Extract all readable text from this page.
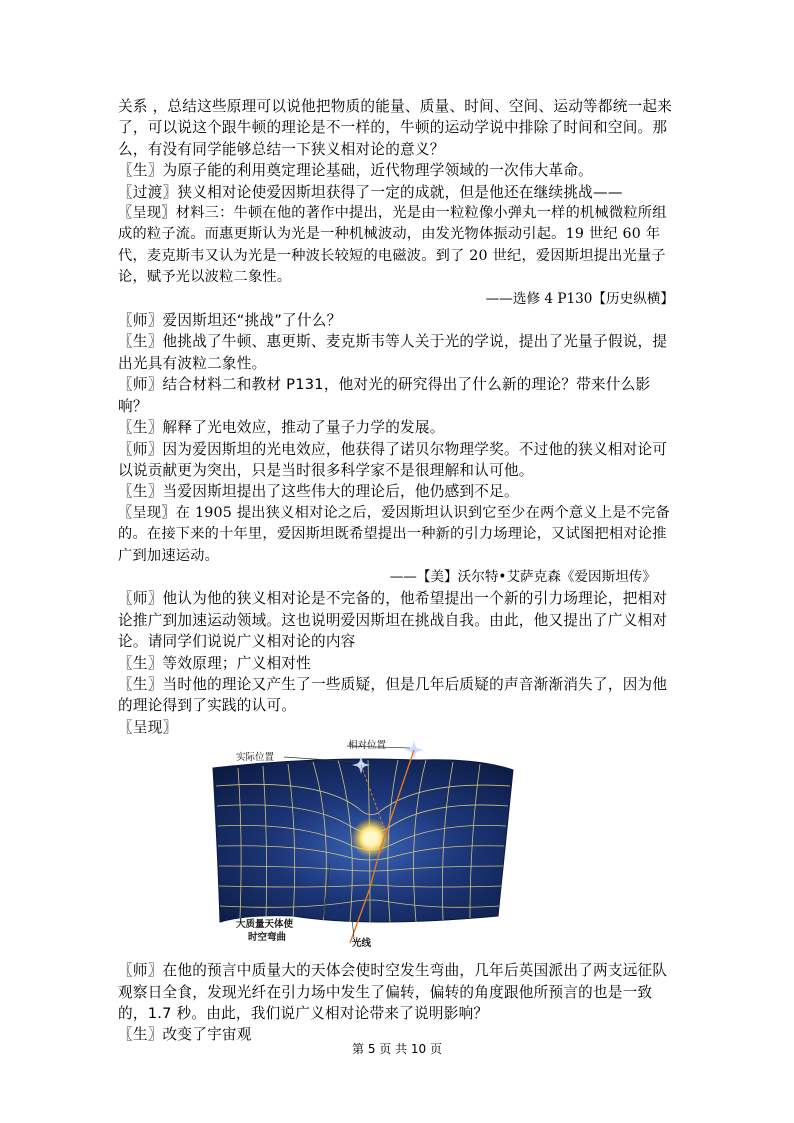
关系 ，总结这些原理可以说他把物质的能量、质量、时间、空间、运动等都统一起来了，可以说这个跟牛顿的理论是不一样的，牛顿的运动学说中排除了时间和空间。那么，有没有同学能够总结一下狭义相对论的意义？

〖生〗为原子能的利用奠定理论基础，近代物理学领域的一次伟大革命。

〖过渡〗狭义相对论使爱因斯坦获得了一定的成就，但是他还在继续挑战——

〖呈现〗材料三：牛顿在他的著作中提出，光是由一粒粒像小弹丸一样的机械微粒所组成的粒子流。而惠更斯认为光是一种机械波动，由发光物体振动引起。19 世纪 60 年代，麦克斯韦又认为光是一种波长较短的电磁波。到了 20 世纪，爱因斯坦提出光量子论，赋予光以波粒二象性。

——选修 4 P130【历史纵横】

〖师〗爱因斯坦还“挑战”了什么？

〖生〗他挑战了牛顿、惠更斯、麦克斯韦等人关于光的学说，提出了光量子假说，提出光具有波粒二象性。

〖师〗结合材料二和教材 P131，他对光的研究得出了什么新的理论？带来什么影响？

〖生〗解释了光电效应，推动了量子力学的发展。

〖师〗因为爱因斯坦的光电效应，他获得了诺贝尔物理学奖。不过他的狭义相对论可以说贡献更为突出，只是当时很多科学家不是很理解和认可他。

〖生〗当爱因斯坦提出了这些伟大的理论后，他仍感到不足。

〖呈现〗在 1905 提出狭义相对论之后，爱因斯坦认识到它至少在两个意义上是不完备的。在接下来的十年里，爱因斯坦既希望提出一种新的引力场理论，又试图把相对论推广到加速运动。

——【美】沃尔特•艾萨克森《爱因斯坦传》

〖师〗他认为他的狭义相对论是不完备的，他希望提出一个新的引力场理论，把相对论推广到加速运动领域。这也说明爱因斯坦在挑战自我。由此，他又提出了广义相对论。请同学们说说广义相对论的内容

〖生〗等效原理；广义相对性

〖生〗当时他的理论又产生了一些质疑，但是几年后质疑的声音渐渐消失了，因为他的理论得到了实践的认可。

〖呈现〗

相对位置
实际位置
大质量天体使
时空弯曲
光线

〖师〗在他的预言中质量大的天体会使时空发生弯曲，几年后英国派出了两支远征队观察日全食，发现光纤在引力场中发生了偏转，偏转的角度跟他所预言的也是一致的，1.7 秒。由此，我们说广义相对论带来了说明影响？

〖生〗改变了宇宙观

第 5 页 共 10 页
